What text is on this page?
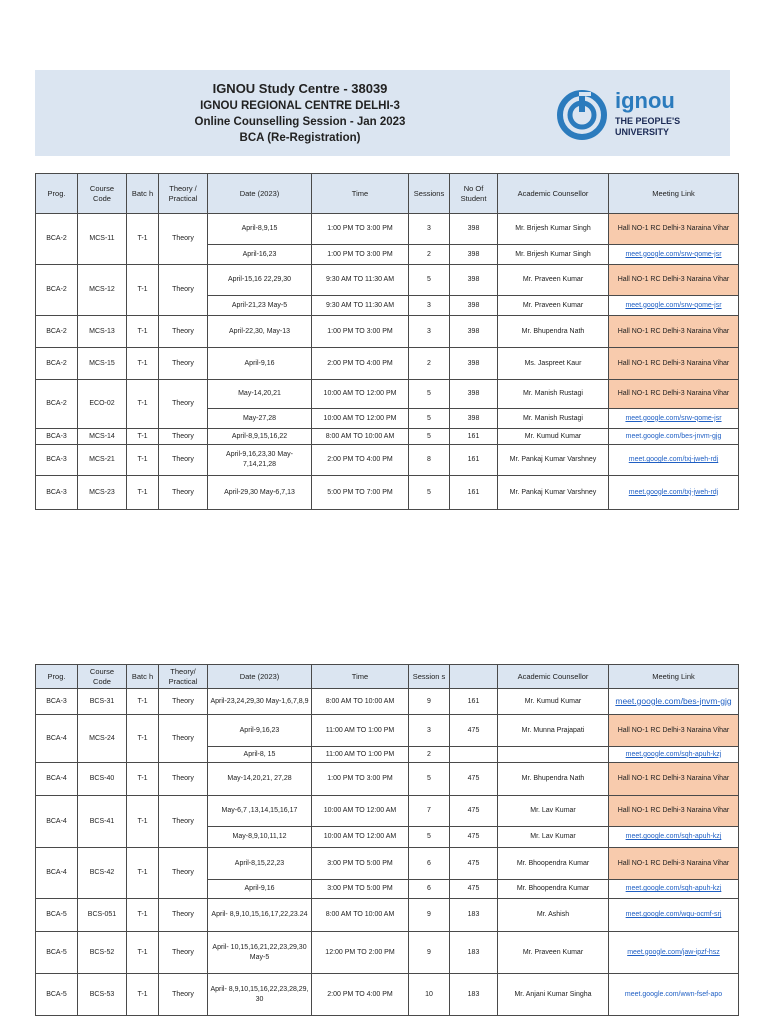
IGNOU Study Centre - 38039
IGNOU REGIONAL CENTRE DELHI-3
Online Counselling Session - Jan 2023
BCA (Re-Registration)
ignou
THE PEOPLE'S
UNIVERSITY
Prog.	Course Code	Batc h	Theory / Practical	Date (2023)	Time	Sessions	No Of Student	Academic Counsellor	Meeting Link
BCA-2	MCS-11	T-1	Theory	April-8,9,15	1:00 PM TO 3:00 PM	3	398	Mr. Brijesh Kumar Singh	Hall NO-1 RC Delhi-3 Naraina Vihar
				April-16,23	1:00 PM TO 3:00 PM	2	398	Mr. Brijesh Kumar Singh	meet.google.com/srw-qome-jsr
BCA-2	MCS-12	T-1	Theory	April-15,16 22,29,30	9:30 AM TO 11:30 AM	5	398	Mr. Praveen Kumar	Hall NO-1 RC Delhi-3 Naraina Vihar
				April-21,23 May-5	9:30 AM TO 11:30 AM	3	398	Mr. Praveen Kumar	meet.google.com/srw-qome-jsr
BCA-2	MCS-13	T-1	Theory	April-22,30, May-13	1:00 PM TO 3:00 PM	3	398	Mr. Bhupendra Nath	Hall NO-1 RC Delhi-3 Naraina Vihar
BCA-2	MCS-15	T-1	Theory	April-9,16	2:00 PM TO 4:00 PM	2	398	Ms. Jaspreet Kaur	Hall NO-1 RC Delhi-3 Naraina Vihar
BCA-2	ECO-02	T-1	Theory	May-14,20,21	10:00 AM TO 12:00 PM	5	398	Mr. Manish Rustagi	Hall NO-1 RC Delhi-3 Naraina Vihar
				May-27,28	10:00 AM TO 12:00 PM	5	398	Mr. Manish Rustagi	meet.google.com/srw-qome-jsr
BCA-3	MCS-14	T-1	Theory	April-8,9,15,16,22	8:00 AM TO 10:00 AM	5	161	Mr. Kumud Kumar	meet.google.com/bes-jnvm-gjg
BCA-3	MCS-21	T-1	Theory	April-9,16,23,30 May-7,14,21,28	2:00 PM TO 4:00 PM	8	161	Mr. Pankaj Kumar Varshney	meet.google.com/txj-jweh-rdj
BCA-3	MCS-23	T-1	Theory	April-29,30 May-6,7,13	5:00 PM TO 7:00 PM	5	161	Mr. Pankaj Kumar Varshney	meet.google.com/txj-jweh-rdj
Prog.	Course Code	Batc h	Theory/ Practical	Date (2023)	Time	Session s		Academic Counsellor	Meeting Link
BCA-3	BCS-31	T-1	Theory	April-23,24,29,30 May-1,6,7,8,9	8:00 AM TO 10:00 AM	9	161	Mr. Kumud Kumar	meet.google.com/bes-jnvm-gjg
BCA-4	MCS-24	T-1	Theory	April-9,16,23	11:00 AM TO 1:00 PM	3	475	Mr. Munna Prajapati	Hall NO-1 RC Delhi-3 Naraina Vihar
				April-8, 15	11:00 AM TO 1:00 PM	2			meet.google.com/sqh-apuh-kzj
BCA-4	BCS-40	T-1	Theory	May-14,20,21, 27,28	1:00 PM TO 3:00 PM	5	475	Mr. Bhupendra Nath	Hall NO-1 RC Delhi-3 Naraina Vihar
BCA-4	BCS-41	T-1	Theory	May-6,7 ,13,14,15,16,17	10:00 AM TO 12:00 AM	7	475	Mr. Lav Kumar	Hall NO-1 RC Delhi-3 Naraina Vihar
				May-8,9,10,11,12	10:00 AM TO 12:00 AM	5	475	Mr. Lav Kumar	meet.google.com/sqh-apuh-kzj
BCA-4	BCS-42	T-1	Theory	April-8,15,22,23	3:00 PM TO 5:00 PM	6	475	Mr. Bhoopendra Kumar	Hall NO-1 RC Delhi-3 Naraina Vihar
				April-9,16	3:00 PM TO 5:00 PM	6	475	Mr. Bhoopendra Kumar	meet.google.com/sqh-apuh-kzj
BCA-5	BCS-051	T-1	Theory	April- 8,9,10,15,16,17,22,23.24	8:00 AM TO 10:00 AM	9	183	Mr. Ashish	meet.google.com/wqu-ocmf-srj
BCA-5	BCS-52	T-1	Theory	April- 10,15,16,21,22,23,29,30 May-5	12:00 PM TO 2:00 PM	9	183	Mr. Praveen Kumar	meet.google.com/jaw-ipzf-hsz
BCA-5	BCS-53	T-1	Theory	April- 8,9,10,15,16,22,23,28,29, 30	2:00 PM TO 4:00 PM	10	183	Mr. Anjani Kumar Singha	meet.google.com/wwn-fsef-apo
